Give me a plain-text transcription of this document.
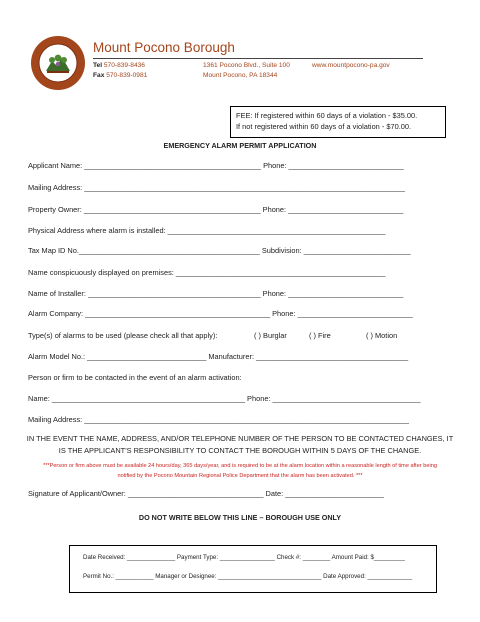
Mount Pocono Borough
Tel 570-839-8436
Fax 570-839-0981
1361 Pocono Blvd., Suite 100
Mount Pocono, PA 18344
www.mountpocono-pa.gov
FEE: If registered within 60 days of a violation - $35.00.
If not registered within 60 days of a violation - $70.00.
EMERGENCY ALARM PERMIT APPLICATION
Applicant Name: ___________________________________________ Phone: ____________________________
Mailing Address: ______________________________________________________________________________
Property Owner: ___________________________________________ Phone: ____________________________
Physical Address where alarm is installed: _____________________________________________________
Tax Map ID No.____________________________________________ Subdivision: __________________________
Name conspicuously displayed on premises: ___________________________________________________
Name of Installer: __________________________________________ Phone: ____________________________
Alarm Company: _____________________________________________ Phone: ____________________________
Type(s) of alarms to be used (please check all that apply):	( ) Burglar	( ) Fire	( ) Motion
Alarm Model No.: _____________________________ Manufacturer: _____________________________________
Person or firm to be contacted in the event of an alarm activation:
Name: _______________________________________________ Phone: ____________________________________
Mailing Address: _______________________________________________________________________________
IN THE EVENT THE NAME, ADDRESS, AND/OR TELEPHONE NUMBER OF THE PERSON TO BE CONTACTED CHANGES, IT IS THE APPLICANT'S RESPONSIBILITY TO CONTACT THE BOROUGH WITHIN 5 DAYS OF THE CHANGE.
***Person or firm above must be available 24 hours/day, 365 days/year, and is required to be at the alarm location within a reasonable length of time after being notified by the Pocono Mountain Regional Police Department that the alarm has been activated. ***
Signature of Applicant/Owner: _________________________________ Date: ________________________
DO NOT WRITE BELOW THIS LINE – BOROUGH USE ONLY
Date Received: ______________ Payment Type: ________________ Check #: ________ Amount Paid: $_________
Permit No.: ___________ Manager or Designee: ______________________________ Date Approved: _____________
